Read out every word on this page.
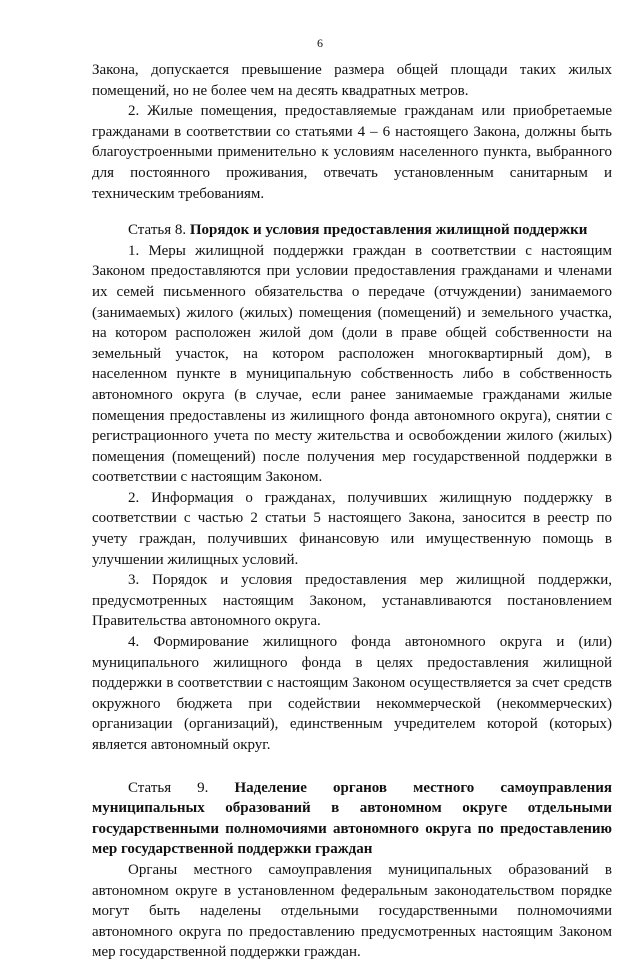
6

Закона, допускается превышение размера общей площади таких жилых помещений, но не более чем на десять квадратных метров.

2. Жилые помещения, предоставляемые гражданам или приобретаемые гражданами в соответствии со статьями 4 – 6 настоящего Закона, должны быть благоустроенными применительно к условиям населенного пункта, выбранного для постоянного проживания, отвечать установленным санитарным и техническим требованиям.

Статья 8. Порядок и условия предоставления жилищной поддержки

1. Меры жилищной поддержки граждан в соответствии с настоящим Законом предоставляются при условии предоставления гражданами и членами их семей письменного обязательства о передаче (отчуждении) занимаемого (занимаемых) жилого (жилых) помещения (помещений) и земельного участка, на котором расположен жилой дом (доли в праве общей собственности на земельный участок, на котором расположен многоквартирный дом), в населенном пункте в муниципальную собственность либо в собственность автономного округа (в случае, если ранее занимаемые гражданами жилые помещения предоставлены из жилищного фонда автономного округа), снятии с регистрационного учета по месту жительства и освобождении жилого (жилых) помещения (помещений) после получения мер государственной поддержки в соответствии с настоящим Законом.

2. Информация о гражданах, получивших жилищную поддержку в соответствии с частью 2 статьи 5 настоящего Закона, заносится в реестр по учету граждан, получивших финансовую или имущественную помощь в улучшении жилищных условий.

3. Порядок и условия предоставления мер жилищной поддержки, предусмотренных настоящим Законом, устанавливаются постановлением Правительства автономного округа.

4. Формирование жилищного фонда автономного округа и (или) муниципального жилищного фонда в целях предоставления жилищной поддержки в соответствии с настоящим Законом осуществляется за счет средств окружного бюджета при содействии некоммерческой (некоммерческих) организации (организаций), единственным учредителем которой (которых) является автономный округ.

Статья 9. Наделение органов местного самоуправления муниципальных образований в автономном округе отдельными государственными полномочиями автономного округа по предоставлению мер государственной поддержки граждан

Органы местного самоуправления муниципальных образований в автономном округе в установленном федеральным законодательством порядке могут быть наделены отдельными государственными полномочиями автономного округа по предоставлению предусмотренных настоящим Законом мер государственной поддержки граждан.
